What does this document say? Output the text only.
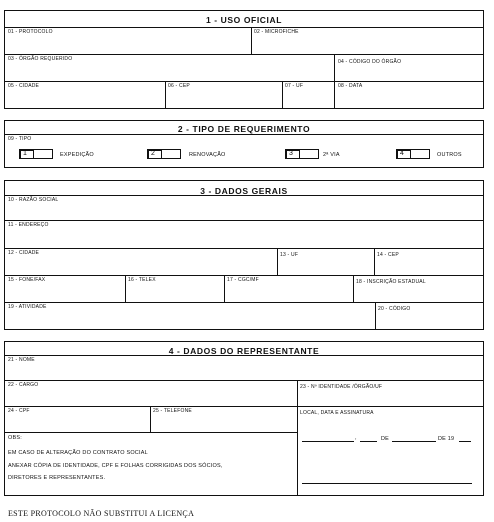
1 - USO OFICIAL
01 - PROTOCOLO	02 - MICROFICHE
03 - ÓRGÃO REQUERIDO	04 - CÓDIGO DO ÓRGÃO
05 - CIDADE	06 - CEP	07 - UF	08 - DATA
2 - TIPO DE REQUERIMENTO
09 - TIPO
1	EXPEDIÇÃO	2	RENOVAÇÃO	3	2ª VIA	4	OUTROS
3 - DADOS GERAIS
10 - RAZÃO SOCIAL
11 - ENDEREÇO
12 - CIDADE	13 - UF	14 - CEP
15 - FONE/FAX	16 - TELEX	17 - CGC/MF	18 - INSCRIÇÃO ESTADUAL
19 - ATIVIDADE	20 - CÓDIGO
4 - DADOS DO REPRESENTANTE
21 - NOME
22 - CARGO	23 - Nº IDENTIDADE /ÓRGÃO/UF
24 - CPF	25 - TELEFONE	LOCAL, DATA E ASSINATURA
OBS:
EM CASO DE ALTERAÇÃO DO CONTRATO SOCIAL
ANEXAR CÓPIA DE IDENTIDADE, CPF E FOLHAS CORRIGIDAS DOS SÓCIOS,
DIRETORES E REPRESENTANTES.
,	DE	DE 19
ESTE PROTOCOLO NÃO SUBSTITUI A LICENÇA
